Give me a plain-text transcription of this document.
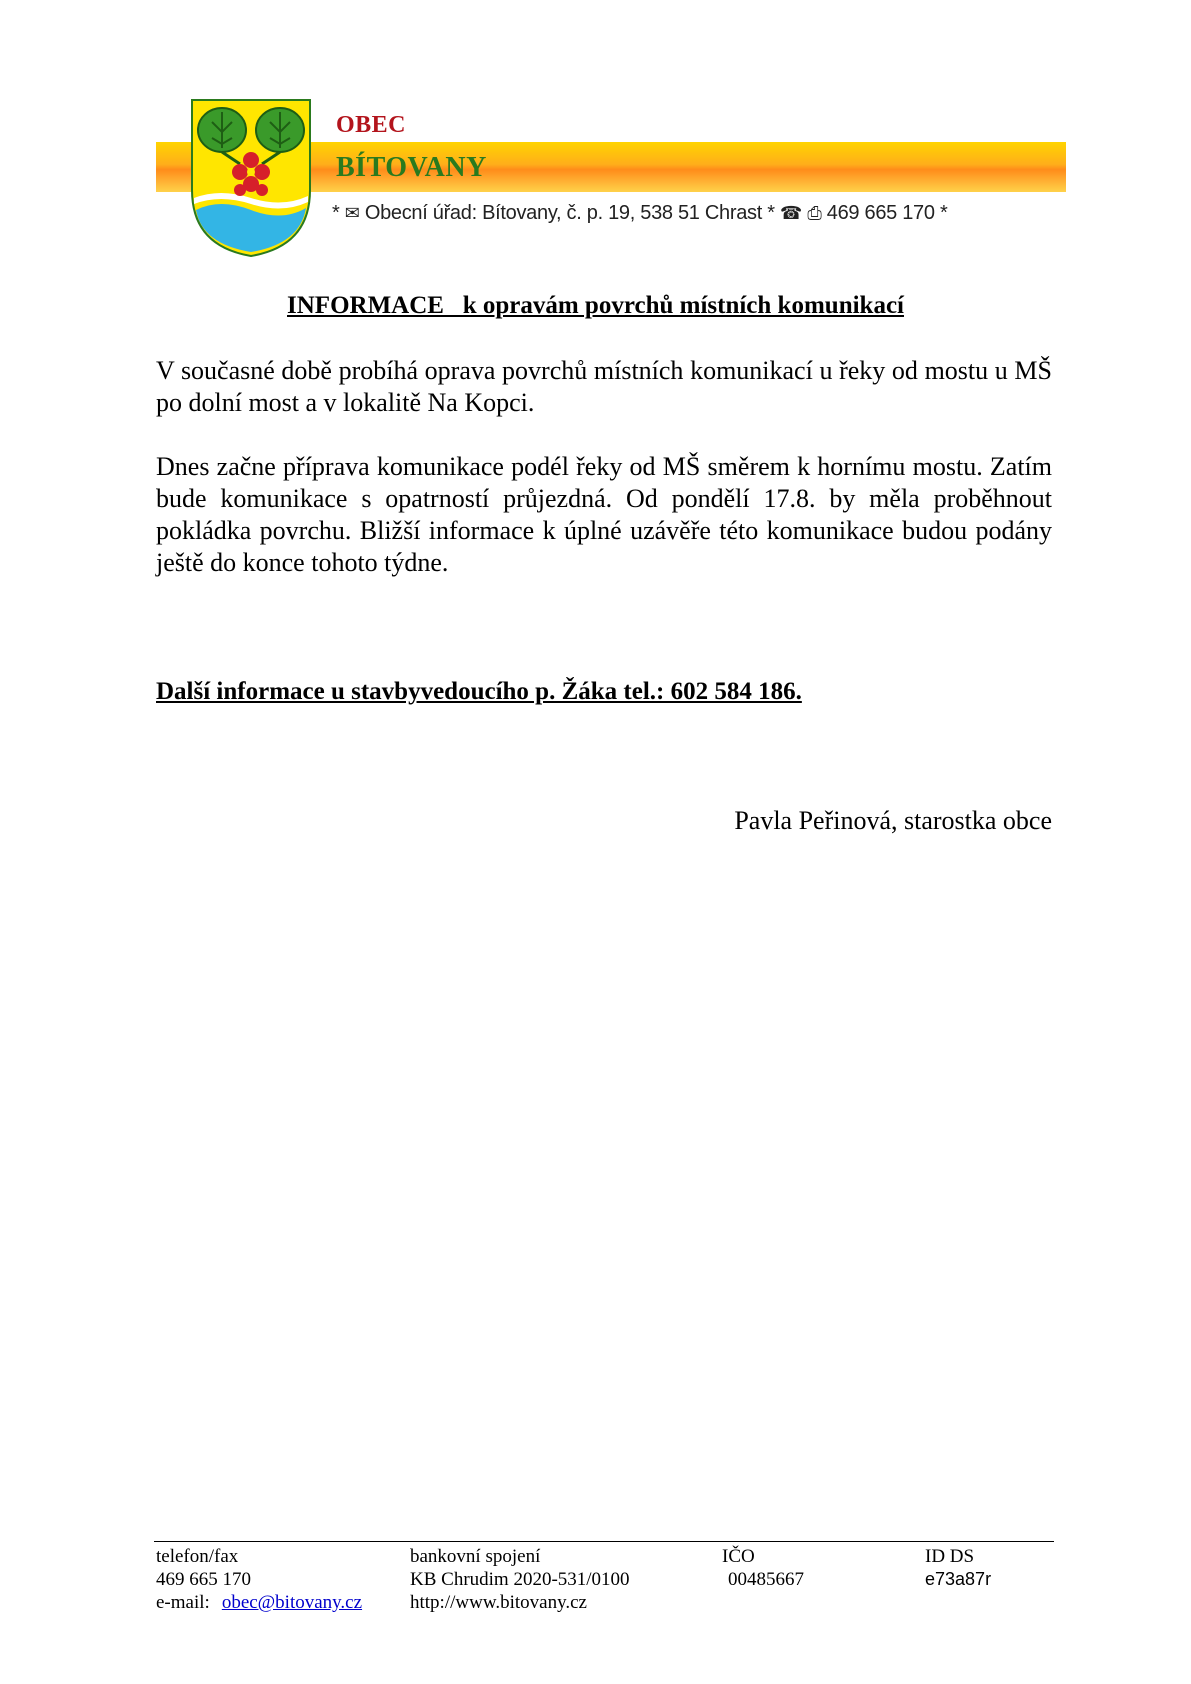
OBEC
BÍTOVANY
* ✉ Obecní úřad: Bítovany, č. p. 19, 538 51 Chrast * ☎ ⎙ 469 665 170 *
INFORMACE   k opravám povrchů místních komunikací
V současné době probíhá oprava povrchů místních komunikací u řeky od mostu u MŠ po dolní most a v lokalitě Na Kopci.
Dnes začne příprava komunikace podél řeky od MŠ směrem k hornímu mostu. Zatím bude komunikace s opatrností průjezdná. Od pondělí 17.8. by měla proběhnout pokládka povrchu. Bližší informace k úplné uzávěře této komunikace budou podány ještě do konce tohoto týdne.
Další informace u stavbyvedoucího p. Žáka tel.: 602 584 186.
Pavla Peřinová, starostka obce
telefon/fax
469 665 170
e-mail: obec@bitovany.cz
bankovní spojení
KB Chrudim 2020-531/0100
http://www.bitovany.cz
IČO
00485667
ID DS
e73a87r
